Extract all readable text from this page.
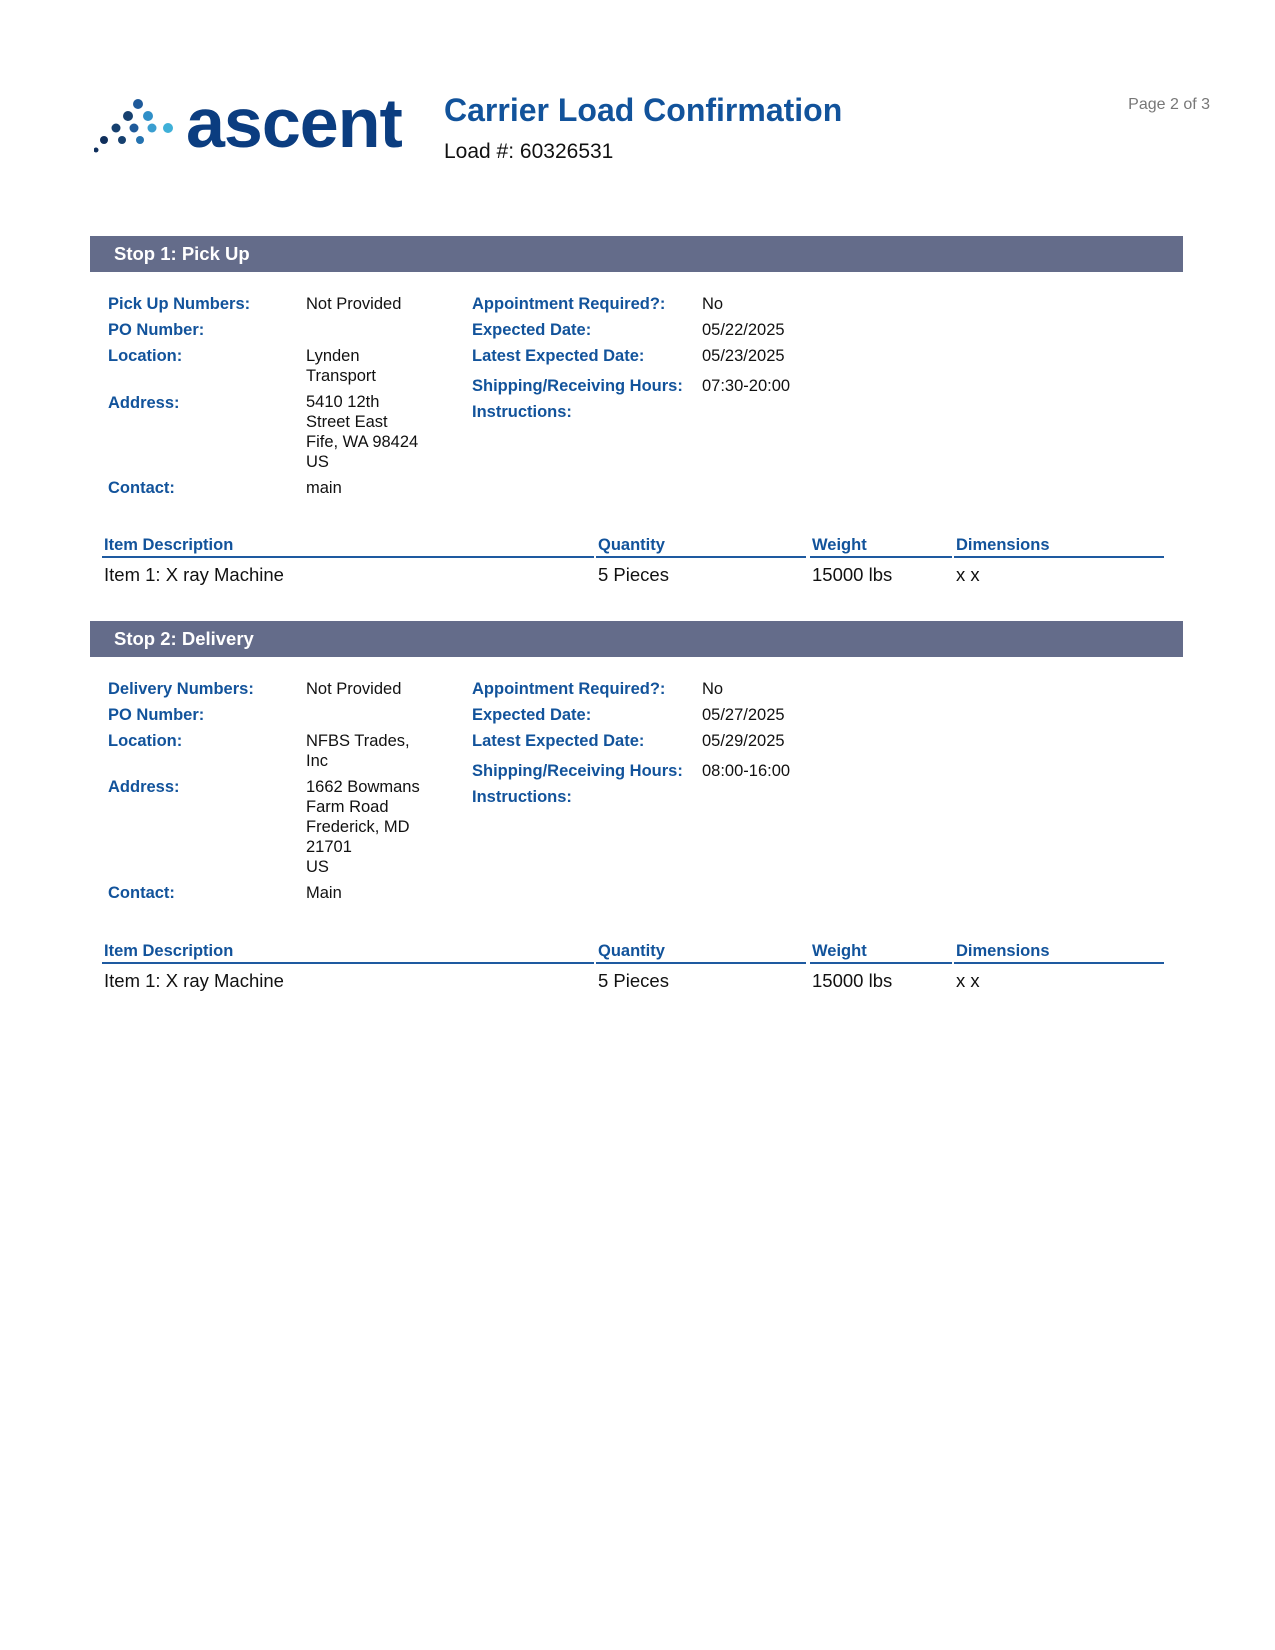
ascent Carrier Load Confirmation
Load #: 60326531
Page 2 of 3
Stop 1: Pick Up
Pick Up Numbers:	Not Provided
PO Number:
Location:	Lynden
Transport
Address:	5410 12th
Street East
Fife, WA 98424
US
Contact:	main
Appointment Required?: No
Expected Date:	05/22/2025
Latest Expected Date:	05/23/2025
Shipping/Receiving Hours: 07:30-20:00
Instructions:
Item Description	Quantity	Weight	Dimensions
Item 1: X ray Machine	5 Pieces	15000 lbs	x x
Stop 2: Delivery
Delivery Numbers:	Not Provided
PO Number:
Location:	NFBS Trades,
Inc
Address:	1662 Bowmans
Farm Road
Frederick, MD
21701
US
Contact:	Main
Appointment Required?: No
Expected Date:	05/27/2025
Latest Expected Date:	05/29/2025
Shipping/Receiving Hours: 08:00-16:00
Instructions:
Item Description	Quantity	Weight	Dimensions
Item 1: X ray Machine	5 Pieces	15000 lbs	x x
